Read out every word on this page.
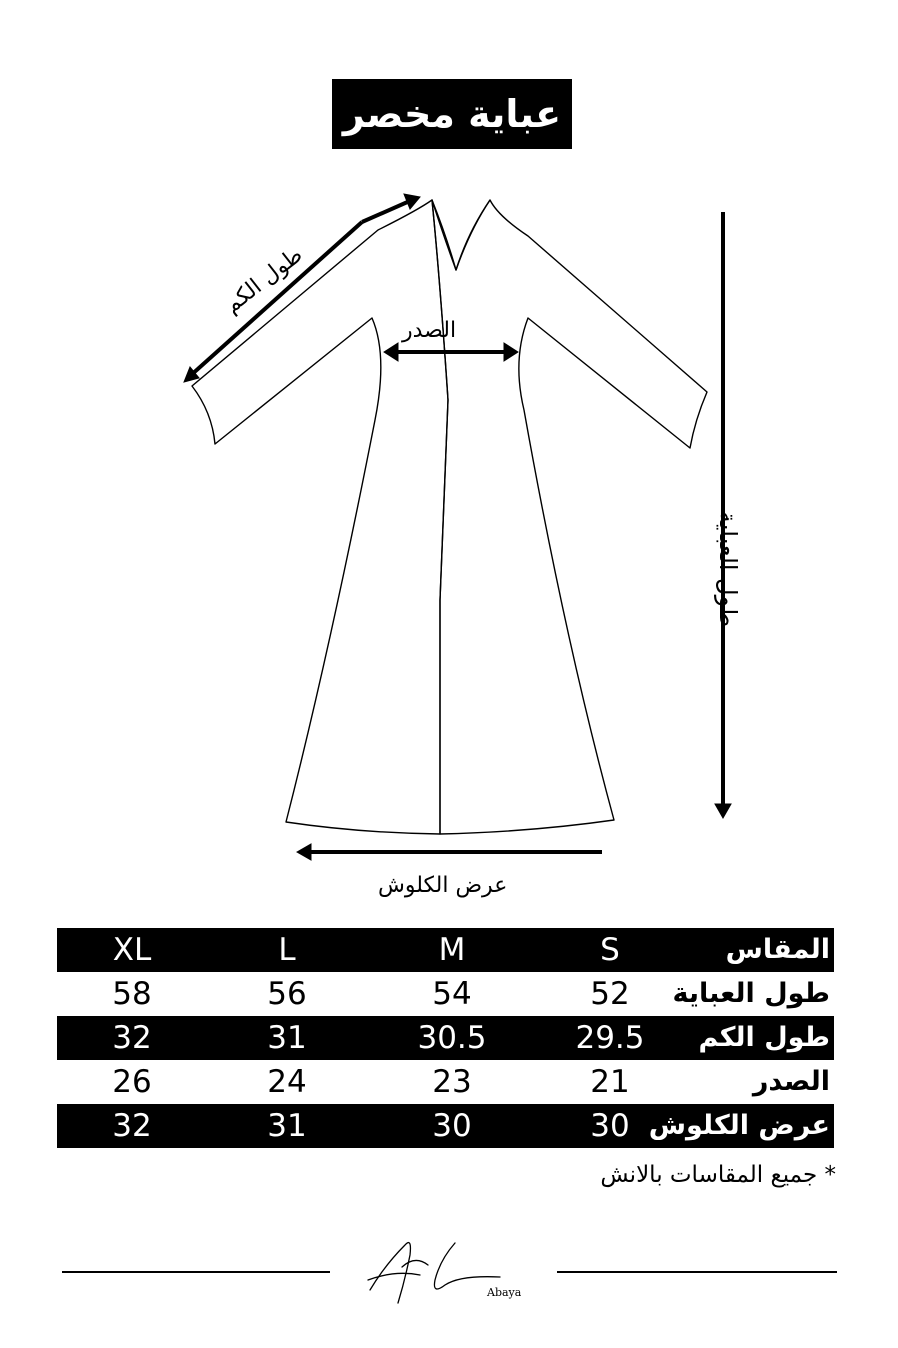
عباية مخصر
طول الكم
الصدر
طول العباية
عرض الكلوش
XL	L	M	S	المقاس
58	56	54	52	طول العباية
32	31	30.5	29.5	طول الكم
26	24	23	21	الصدر
32	31	30	30 عرض الكلوش
* جميع المقاسات بالانش
Abaya
